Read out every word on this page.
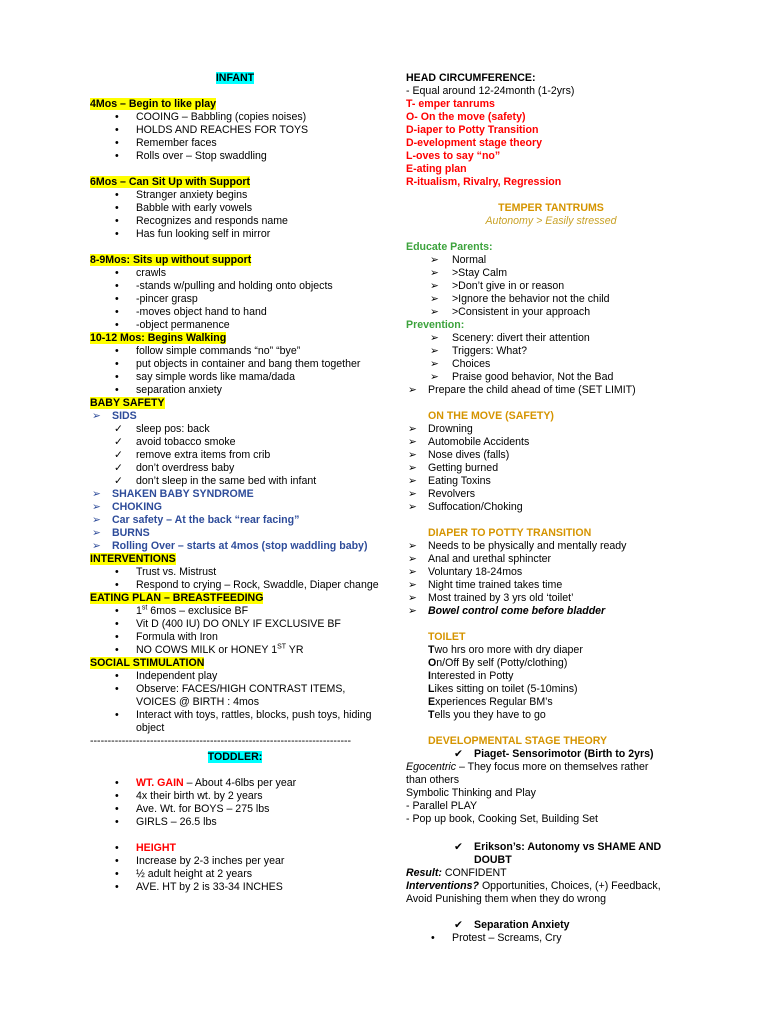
INFANT
4Mos – Begin to like play
• COOING – Babbling (copies noises)
• HOLDS AND REACHES FOR TOYS
• Remember faces
• Rolls over – Stop swaddling
6Mos – Can Sit Up with Support
• Stranger anxiety begins
• Babble with early vowels
• Recognizes and responds name
• Has fun looking self in mirror
8-9Mos: Sits up without support
• crawls
• -stands w/pulling and holding onto objects
• -pincer grasp
• -moves object hand to hand
• -object permanence
10-12 Mos: Begins Walking
• follow simple commands “no” “bye”
• put objects in container and bang them together
• say simple words like mama/dada
• separation anxiety
BABY SAFETY
➢ SIDS
✓ sleep pos: back
✓ avoid tobacco smoke
✓ remove extra items from crib
✓ don’t overdress baby
✓ don’t sleep in the same bed with infant
➢ SHAKEN BABY SYNDROME
➢ CHOKING
➢ Car safety – At the back “rear facing”
➢ BURNS
➢ Rolling Over – starts at 4mos (stop waddling baby)
INTERVENTIONS
• Trust vs. Mistrust
• Respond to crying – Rock, Swaddle, Diaper change
EATING PLAN – BREASTFEEDING
• 1st 6mos – exclusice BF
• Vit D (400 IU) DO ONLY IF EXCLUSIVE BF
• Formula with Iron
• NO COWS MILK or HONEY 1ST YR
SOCIAL STIMULATION
• Independent play
• Observe: FACES/HIGH CONTRAST ITEMS, VOICES @ BIRTH : 4mos
• Interact with toys, rattles, blocks, push toys, hiding object
--------------------------------------------------------------------------
TODDLER:
• WT. GAIN – About 4-6lbs per year
• 4x their birth wt. by 2 years
• Ave. Wt. for BOYS – 275 lbs
• GIRLS – 26.5 lbs
• HEIGHT
• Increase by 2-3 inches per year
• ½ adult height at 2 years
• AVE. HT by 2 is 33-34 INCHES
HEAD CIRCUMFERENCE:
- Equal around 12-24month (1-2yrs)
T- emper tanrums
O- On the move (safety)
D-iaper to Potty Transition
D-evelopment stage theory
L-oves to say “no”
E-ating plan
R-itualism, Rivalry, Regression
TEMPER TANTRUMS
Autonomy > Easily stressed
Educate Parents:
➢ Normal
➢ >Stay Calm
➢ >Don’t give in or reason
➢ >Ignore the behavior not the child
➢ >Consistent in your approach
Prevention:
➢ Scenery: divert their attention
➢ Triggers: What?
➢ Choices
➢ Praise good behavior, Not the Bad
➢ Prepare the child ahead of time (SET LIMIT)
ON THE MOVE (SAFETY)
➢ Drowning
➢ Automobile Accidents
➢ Nose dives (falls)
➢ Getting burned
➢ Eating Toxins
➢ Revolvers
➢ Suffocation/Choking
DIAPER TO POTTY TRANSITION
➢ Needs to be physically and mentally ready
➢ Anal and urethal sphincter
➢ Voluntary 18-24mos
➢ Night time trained takes time
➢ Most trained by 3 yrs old ‘toilet’
➢ Bowel control come before bladder
TOILET
Two hrs oro more with dry diaper
On/Off By self (Potty/clothing)
Interested in Potty
Likes sitting on toilet (5-10mins)
Experiences Regular BM’s
Tells you they have to go
DEVELOPMENTAL STAGE THEORY
✔ Piaget- Sensorimotor (Birth to 2yrs)
Egocentric – They focus more on themselves rather than others
Symbolic Thinking and Play
- Parallel PLAY
- Pop up book, Cooking Set, Building Set
✔ Erikson’s: Autonomy vs SHAME AND DOUBT
Result: CONFIDENT
Interventions? Opportunities, Choices, (+) Feedback, Avoid Punishing them when they do wrong
✔ Separation Anxiety
• Protest – Screams, Cry
